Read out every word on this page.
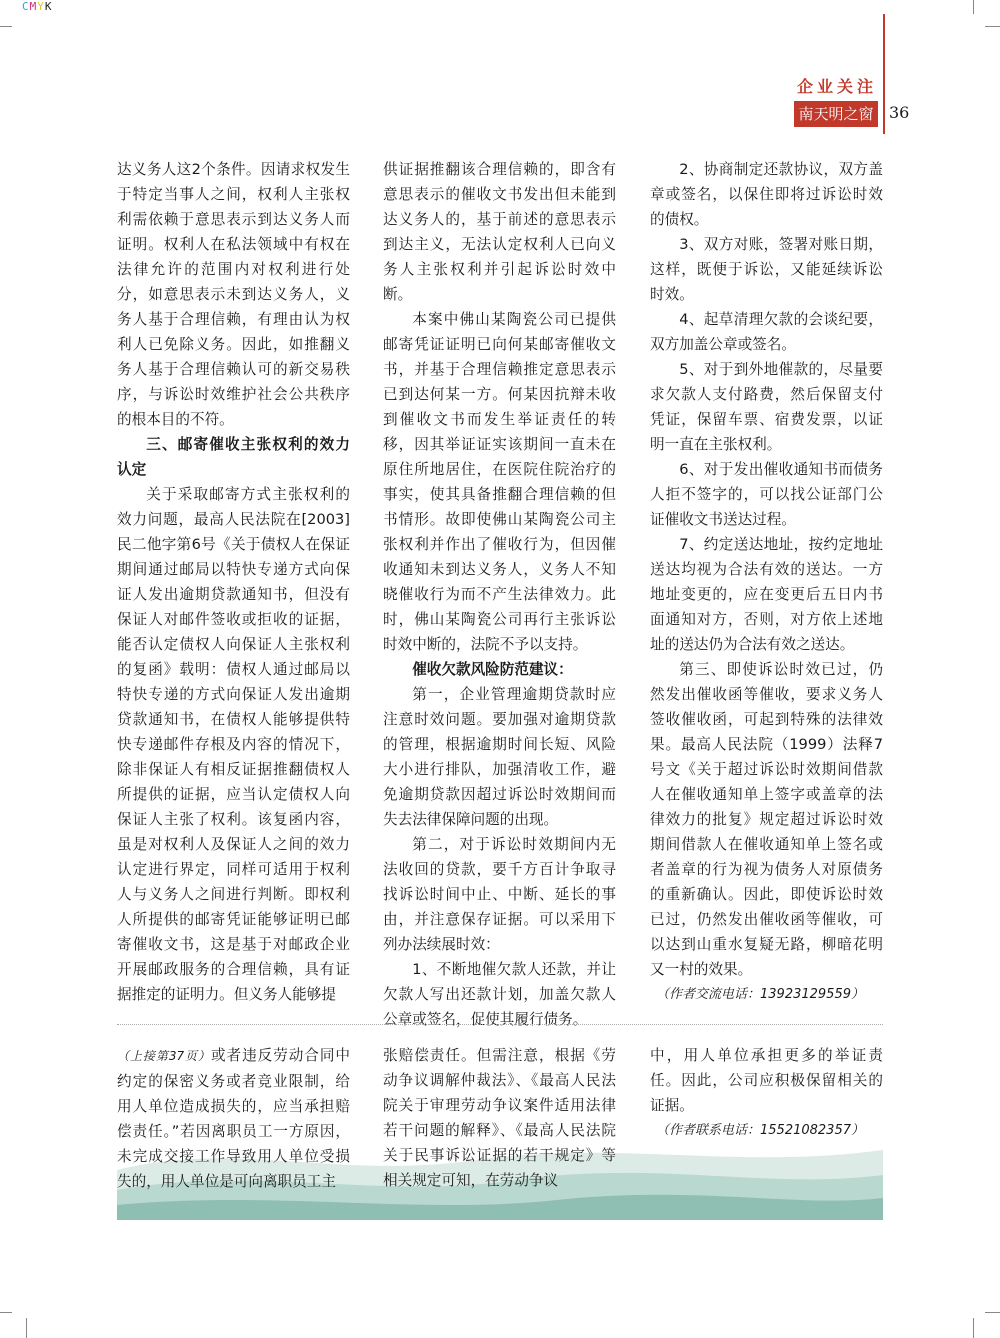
CMYK
企业关注
南天明之窗 36

达义务人这2个条件。因请求权发生于特定当事人之间，权利人主张权利需依赖于意思表示到达义务人而证明。权利人在私法领域中有权在法律允许的范围内对权利进行处分，如意思表示未到达义务人，义务人基于合理信赖，有理由认为权利人已免除义务。因此，如推翻义务人基于合理信赖认可的新交易秩序，与诉讼时效维护社会公共秩序的根本目的不符。

三、邮寄催收主张权利的效力认定

关于采取邮寄方式主张权利的效力问题，最高人民法院在[2003]民二他字第6号《关于债权人在保证期间通过邮局以特快专递方式向保证人发出逾期贷款通知书，但没有保证人对邮件签收或拒收的证据，能否认定债权人向保证人主张权利的复函》载明：债权人通过邮局以特快专递的方式向保证人发出逾期贷款通知书，在债权人能够提供特快专递邮件存根及内容的情况下，除非保证人有相反证据推翻债权人所提供的证据，应当认定债权人向保证人主张了权利。该复函内容，虽是对权利人及保证人之间的效力认定进行界定，同样可适用于权利人与义务人之间进行判断。即权利人所提供的邮寄凭证能够证明已邮寄催收文书，这是基于对邮政企业开展邮政服务的合理信赖，具有证据推定的证明力。但义务人能够提

供证据推翻该合理信赖的，即含有意思表示的催收文书发出但未能到达义务人的，基于前述的意思表示到达主义，无法认定权利人已向义务人主张权利并引起诉讼时效中断。

本案中佛山某陶瓷公司已提供邮寄凭证证明已向何某邮寄催收文书，并基于合理信赖推定意思表示已到达何某一方。何某因抗辩未收到催收文书而发生举证责任的转移，因其举证证实该期间一直未在原住所地居住，在医院住院治疗的事实，使其具备推翻合理信赖的但书情形。故即使佛山某陶瓷公司主张权利并作出了催收行为，但因催收通知未到达义务人，义务人不知晓催收行为而不产生法律效力。此时，佛山某陶瓷公司再行主张诉讼时效中断的，法院不予以支持。

催收欠款风险防范建议：

第一，企业管理逾期贷款时应注意时效问题。要加强对逾期贷款的管理，根据逾期时间长短、风险大小进行排队，加强清收工作，避免逾期贷款因超过诉讼时效期间而失去法律保障问题的出现。

第二，对于诉讼时效期间内无法收回的贷款，要千方百计争取寻找诉讼时间中止、中断、延长的事由，并注意保存证据。可以采用下列办法续展时效：

1、不断地催欠款人还款，并让欠款人写出还款计划，加盖欠款人公章或签名，促使其履行债务。

2、协商制定还款协议，双方盖章或签名，以保住即将过诉讼时效的债权。

3、双方对账，签署对账日期，这样，既便于诉讼，又能延续诉讼时效。

4、起草清理欠款的会谈纪要，双方加盖公章或签名。

5、对于到外地催款的，尽量要求欠款人支付路费，然后保留支付凭证，保留车票、宿费发票，以证明一直在主张权利。

6、对于发出催收通知书而债务人拒不签字的，可以找公证部门公证催收文书送达过程。

7、约定送达地址，按约定地址送达均视为合法有效的送达。一方地址变更的，应在变更后五日内书面通知对方，否则，对方依上述地址的送达仍为合法有效之送达。

第三、即使诉讼时效已过，仍然发出催收函等催收，要求义务人签收催收函，可起到特殊的法律效果。最高人民法院（1999）法释7号文《关于超过诉讼时效期间借款人在催收通知单上签字或盖章的法律效力的批复》规定超过诉讼时效期间借款人在催收通知单上签名或者盖章的行为视为债务人对原债务的重新确认。因此，即使诉讼时效已过，仍然发出催收函等催收，可以达到山重水复疑无路，柳暗花明又一村的效果。

（作者交流电话：13923129559）

（上接第37页）或者违反劳动合同中约定的保密义务或者竞业限制，给用人单位造成损失的，应当承担赔偿责任。”若因离职员工一方原因，未完成交接工作导致用人单位受损失的，用人单位是可向离职员工主

张赔偿责任。但需注意，根据《劳动争议调解仲裁法》、《最高人民法院关于审理劳动争议案件适用法律若干问题的解释》、《最高人民法院关于民事诉讼证据的若干规定》等相关规定可知，在劳动争议

中，用人单位承担更多的举证责任。因此，公司应积极保留相关的证据。

（作者联系电话：15521082357）
